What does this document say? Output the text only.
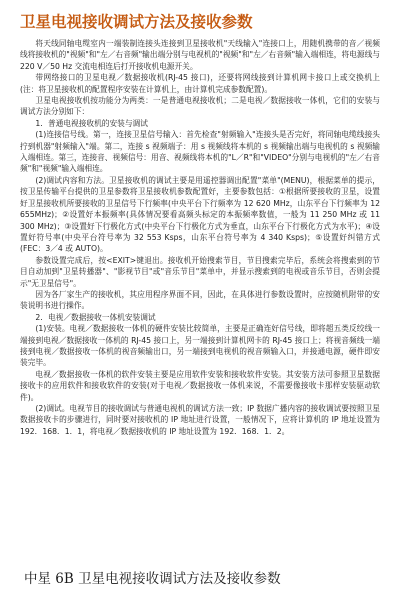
卫星电视接收调试方法及接收参数

将天线同轴电缆室内一端装制连接头连接到卫星接收机"天线输入"连接口上，用随机携带的音／视频线将接收机的"视频"和"左／右音频"输出端分别与电视机的"视频"和"左／右音频"输入端相连，将电源线与220 V／50 Hz 交流电相连后打开接收机电源开关。

带网络接口的卫星电视／数据接收机(RJ-45 接口)，还要将网线接到计算机网卡接口上或交换机上(注：将卫星接收机的配置程序安装在计算机上，由计算机完成参数配置)。

卫星电视接收机按功能分为两类：一是普通电视接收机；二是电视／数据接收一体机，它们的安装与调试方法分别如下：

1．普通电视接收机的安装与调试

(1)连接信号线。第一，连接卫星信号输入：首先检查"射频输入"连接头是否完好，将同轴电缆线接头拧到机器"射频输入"端。第二，连接 s 视频端子：用 s 视频线将本机的 s 视频输出端与电视机的 s 视频输入端相连。第三，连接音、视频信号：用音、视频线将本机的"L／R"和"VIDEO"分别与电视机的"左／右音频"和"视频"输入端相连。

(2)调试内容和方法。卫星接收机的调试主要是用遥控器调出配置"菜单"(MENU)，根据菜单的提示，按卫星传输平台提供的卫星参数将卫星接收机参数配置好，主要参数包括：①根据所要接收的卫星，设置好卫星接收机所要接收的卫星信号下行频率(中央平台下行频率为 12 620 MHz，山东平台下行频率为 12 655MHz)；②设置好本振频率(具体情况要看高频头标定的本振频率数值，一般为 11 250 MHz 或 11 300 MHz)；③设置好下行极化方式(中央平台下行极化方式为垂直，山东平台下行极化方式为水平)；④设置好符号率(中央平台符号率为 32 553 Ksps，山东平台符号率为 4 340 Ksps)；⑤设置好纠错方式(FEC：3／4 或 AUTO)。

参数设置完成后，按<EXIT>键退出。接收机开始搜索节目，节目搜索完毕后，系统会将搜索到的节目自动加到"卫星转播器"、"影视节目"或"音乐节目"菜单中，并显示搜索到的电视或音乐节目，否则会提示"无卫星信号"。

因为各厂家生产的接收机，其应用程序界面不同，因此，在具体进行参数设置时，应按随机附带的安装说明书进行操作。

2．电视／数据接收一体机安装调试

(1)安装。电视／数据接收一体机的硬件安装比较简单，主要是正确连好信号线，即将超五类反绞线一端接到电视／数据接收一体机的 RJ-45 接口上，另一端接到计算机网卡的 RJ-45 接口上；将视音频线一端接到电视／数据接收一体机的视音频输出口，另一端接到电视机的视音频输入口，并接通电源，硬件即安装完毕。

电视／数据接收一体机的软件安装主要是应用软件安装和接收软件安装。其安装方法可参照卫星数据接收卡的应用软件和接收软件的安装(对于电视／数据接收一体机来说，不需要像接收卡那样安装驱动软件)。

(2)调试。电视节目的接收调试与普通电视机的调试方法一致；IP 数据广播内容的接收调试要按照卫星数据接收卡的步骤进行，同时要对接收机的 IP 地址进行设置，一般情况下，应将计算机的 IP 地址设置为 192．168．1．1，将电视／数据接收机的 IP 地址设置为 192．168．1．2。

中星 6B 卫星电视接收调试方法及接收参数
